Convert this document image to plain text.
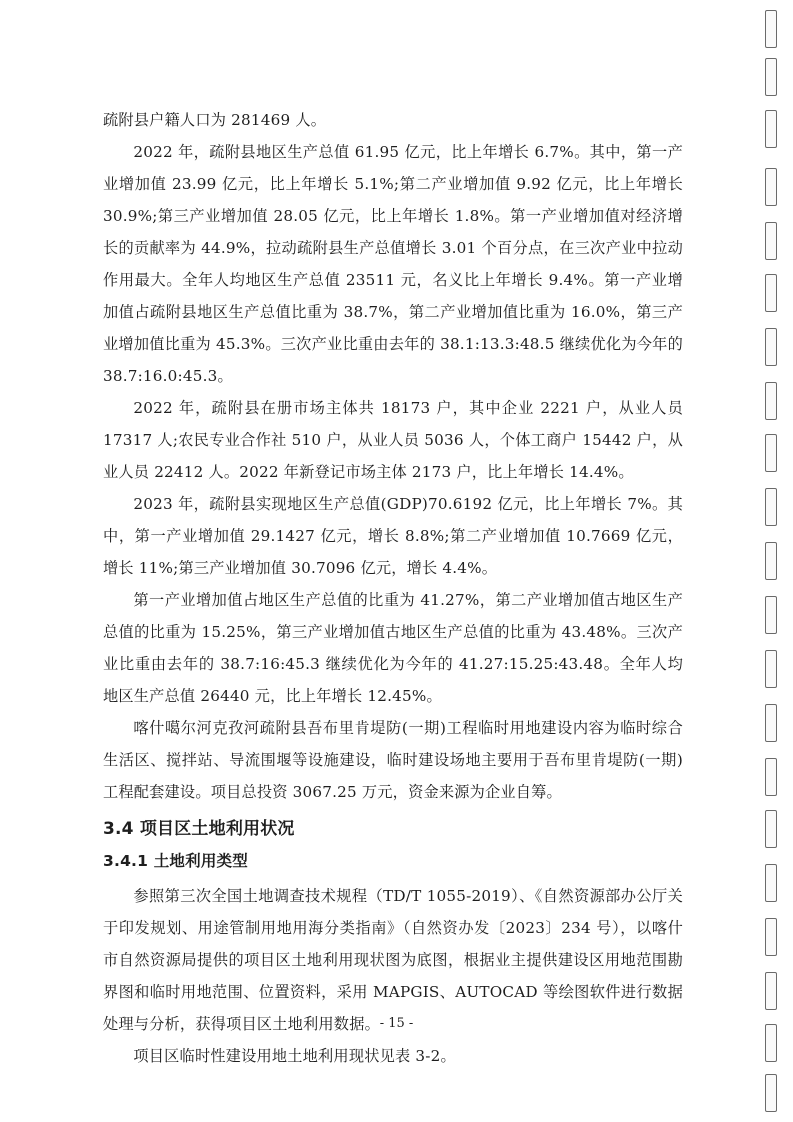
疏附县户籍人口为 281469 人。

2022 年，疏附县地区生产总值 61.95 亿元，比上年增长 6.7%。其中，第一产业增加值 23.99 亿元，比上年增长 5.1%;第二产业增加值 9.92 亿元，比上年增长 30.9%;第三产业增加值 28.05 亿元，比上年增长 1.8%。第一产业增加值对经济增长的贡献率为 44.9%，拉动疏附县生产总值增长 3.01 个百分点，在三次产业中拉动作用最大。全年人均地区生产总值 23511 元，名义比上年增长 9.4%。第一产业增加值占疏附县地区生产总值比重为 38.7%，第二产业增加值比重为 16.0%，第三产业增加值比重为 45.3%。三次产业比重由去年的 38.1:13.3:48.5 继续优化为今年的 38.7:16.0:45.3。

2022 年，疏附县在册市场主体共 18173 户，其中企业 2221 户，从业人员 17317 人;农民专业合作社 510 户，从业人员 5036 人，个体工商户 15442 户，从业人员 22412 人。2022 年新登记市场主体 2173 户，比上年增长 14.4%。

2023 年，疏附县实现地区生产总值(GDP)70.6192 亿元，比上年增长 7%。其中，第一产业增加值 29.1427 亿元，增长 8.8%;第二产业增加值 10.7669 亿元，增长 11%;第三产业增加值 30.7096 亿元，增长 4.4%。

第一产业增加值占地区生产总值的比重为 41.27%，第二产业增加值古地区生产总值的比重为 15.25%，第三产业增加值古地区生产总值的比重为 43.48%。三次产业比重由去年的 38.7:16:45.3 继续优化为今年的 41.27:15.25:43.48。全年人均地区生产总值 26440 元，比上年增长 12.45%。

喀什噶尔河克孜河疏附县吾布里肯堤防(一期)工程临时用地建设内容为临时综合生活区、搅拌站、导流围堰等设施建设，临时建设场地主要用于吾布里肯堤防(一期)工程配套建设。项目总投资 3067.25 万元，资金来源为企业自筹。

3.4 项目区土地利用状况
3.4.1 土地利用类型

参照第三次全国土地调查技术规程（TD/T 1055-2019）、《自然资源部办公厅关于印发规划、用途管制用地用海分类指南》（自然资办发〔2023〕234 号），以喀什市自然资源局提供的项目区土地利用现状图为底图，根据业主提供建设区用地范围勘界图和临时用地范围、位置资料，采用 MAPGIS、AUTOCAD 等绘图软件进行数据处理与分析，获得项目区土地利用数据。

项目区临时性建设用地土地利用现状见表 3-2。

- 15 -
